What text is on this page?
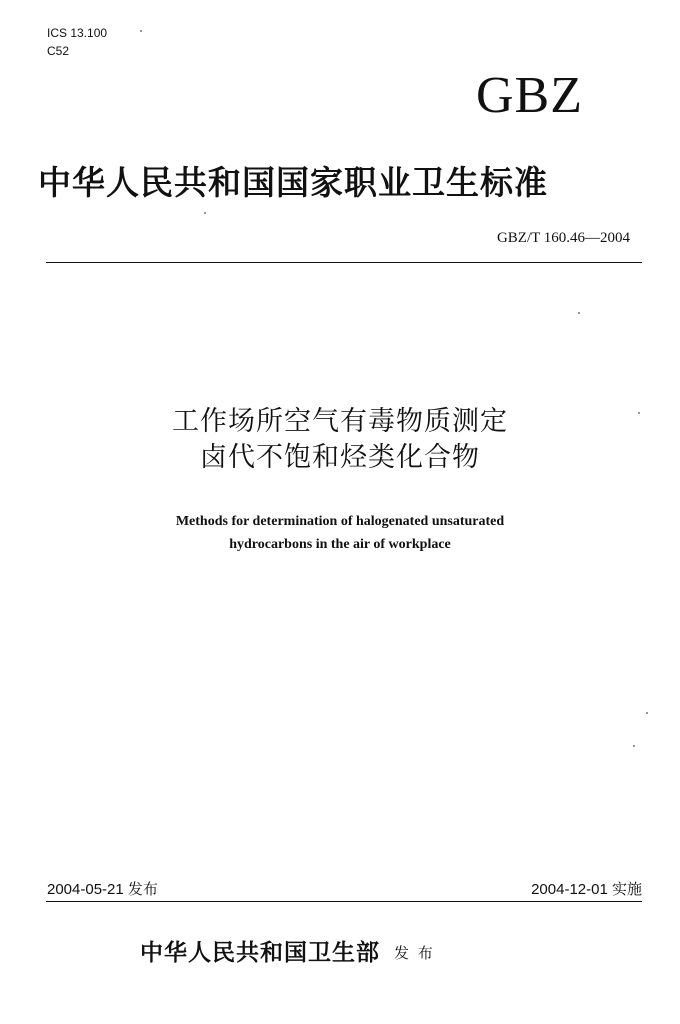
ICS 13.100
C52
GBZ
中华人民共和国国家职业卫生标准
GBZ/T 160.46—2004
工作场所空气有毒物质测定
卤代不饱和烃类化合物
Methods for determination of halogenated unsaturated
hydrocarbons in the air of workplace
2004-05-21 发布	2004-12-01 实施
中华人民共和国卫生部 发 布
